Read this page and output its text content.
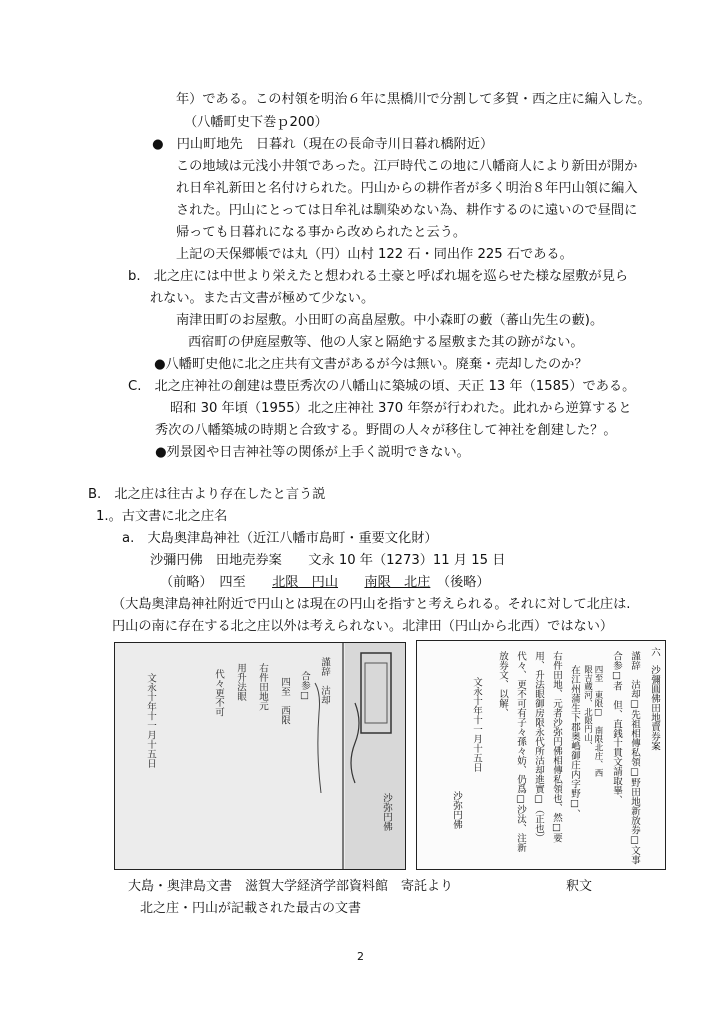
年）である。この村領を明治６年に黒橋川で分割して多賀・西之庄に編入した。
（八幡町史下巻ｐ200）
●　円山町地先　日暮れ（現在の長命寺川日暮れ橋附近）
この地域は元浅小井領であった。江戸時代この地に八幡商人により新田が開か
れ日牟礼新田と名付けられた。円山からの耕作者が多く明治８年円山領に編入
された。円山にとっては日牟礼は馴染めない為、耕作するのに遠いので昼間に
帰っても日暮れになる事から改められたと云う。
上記の天保郷帳では丸（円）山村 122 石・同出作 225 石である。
b.　北之庄には中世より栄えたと想われる土豪と呼ばれ堀を巡らせた様な屋敷が見ら
れない。また古文書が極めて少ない。
南津田町のお屋敷。小田町の高畠屋敷。中小森町の藪（蕃山先生の藪)。
西宿町の伊庭屋敷等、他の人家と隔絶する屋敷また其の跡がない。
●八幡町史他に北之庄共有文書があるが今は無い。廃棄・売却したのか？
C.　北之庄神社の創建は豊臣秀次の八幡山に築城の頃、天正 13 年（1585）である。
昭和 30 年頃（1955）北之庄神社 370 年祭が行われた。此れから逆算すると
秀次の八幡築城の時期と合致する。野間の人々が移住して神社を創建した？。
●列景図や日吉神社等の関係が上手く説明できない。
B.　北之庄は往古より存在したと言う説
1.。古文書に北之庄名
a.　大島奥津島神社（近江八幡市島町・重要文化財）
沙彌円佛　田地売券案　　文永 10 年（1273）11 月 15 日
（前略）　四至　　北限　円山　　 南限　北庄　（後略）
（大島奥津島神社附近で円山とは現在の円山を指すと考えられる。それに対して北庄は.
円山の南に存在する北之庄以外は考えられない。北津田（円山から北西）ではない）
謹辞　沽却
合参□
四至　西限
右件田地元
用升法眼
代々更不可
文永十年十一月十五日
沙弥円佛
六
沙彌圓佛田地賣券案
謹辞　沽却□先祖相傳私領□野田地新放券□文事
合参□者　但、直銭十貫文請取畢、
四至　東限□　南限北庄、西限吉蔵河、北限円山、
在江州蒲生下郡奥嶋御庄内字野□、
右件田地、元者沙弥円佛相傳私領也、然□要
用、升法眼御房限永代所沽却進實□（正也）
代々、更不可有子々孫々妨、仍爲□沙汰、注新
放券文、以解、
文永十年十一月十五日
沙弥円佛
大島・奥津島文書　滋賀大学経済学部資料館　寄託より	釈文
北之庄・円山が記載された最古の文書
2
